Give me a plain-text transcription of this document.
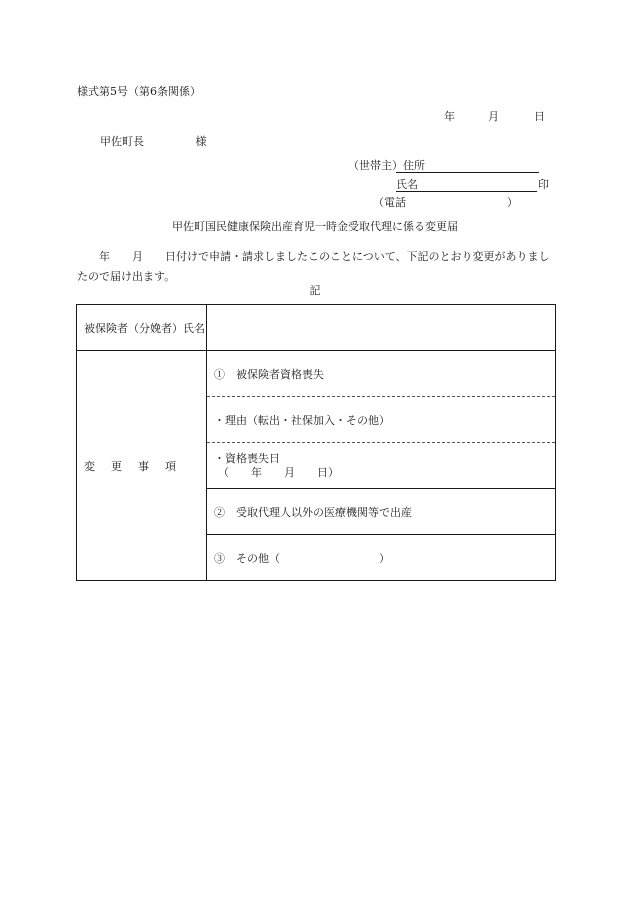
様式第5号（第6条関係）
年	月	日
甲佐町長	様
（世帯主）住所
氏名	印
（電話	）
甲佐町国民健康保険出産育児一時金受取代理に係る変更届
　　年　　月　　日付けで申請・請求しましたこのことについて、下記のとおり変更がありましたので届け出ます。
記
被保険者（分娩者）氏名	
変 更 事 項	①　被保険者資格喪失
	・理由（転出・社保加入・その他）

	・資格喪失日
（　　年　　月　　日）

	②　受取代理人以外の医療機関等で出産
	③　その他（　　　　　　　　　）
